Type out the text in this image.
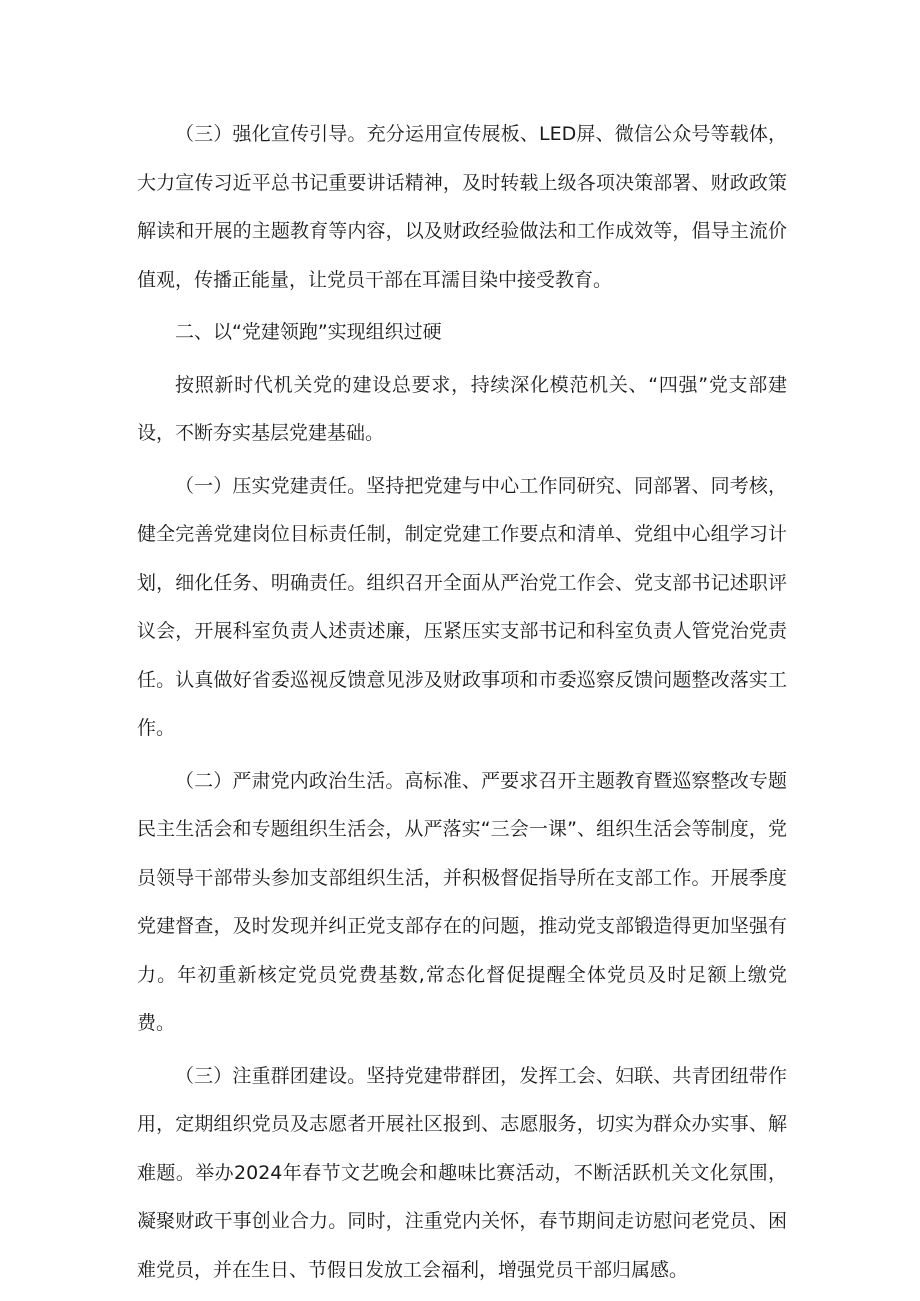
（三）强化宣传引导。充分运用宣传展板、LED屏、微信公众号等载体，大力宣传习近平总书记重要讲话精神，及时转载上级各项决策部署、财政政策解读和开展的主题教育等内容，以及财政经验做法和工作成效等，倡导主流价值观，传播正能量，让党员干部在耳濡目染中接受教育。

二、以“党建领跑”实现组织过硬

按照新时代机关党的建设总要求，持续深化模范机关、“四强”党支部建设，不断夯实基层党建基础。

（一）压实党建责任。坚持把党建与中心工作同研究、同部署、同考核，健全完善党建岗位目标责任制，制定党建工作要点和清单、党组中心组学习计划，细化任务、明确责任。组织召开全面从严治党工作会、党支部书记述职评议会，开展科室负责人述责述廉，压紧压实支部书记和科室负责人管党治党责任。认真做好省委巡视反馈意见涉及财政事项和市委巡察反馈问题整改落实工作。

（二）严肃党内政治生活。高标准、严要求召开主题教育暨巡察整改专题民主生活会和专题组织生活会，从严落实“三会一课”、组织生活会等制度，党员领导干部带头参加支部组织生活，并积极督促指导所在支部工作。开展季度党建督查，及时发现并纠正党支部存在的问题，推动党支部锻造得更加坚强有力。年初重新核定党员党费基数,常态化督促提醒全体党员及时足额上缴党费。

（三）注重群团建设。坚持党建带群团，发挥工会、妇联、共青团纽带作用，定期组织党员及志愿者开展社区报到、志愿服务，切实为群众办实事、解难题。举办2024年春节文艺晚会和趣味比赛活动，不断活跃机关文化氛围，凝聚财政干事创业合力。同时，注重党内关怀，春节期间走访慰问老党员、困难党员，并在生日、节假日发放工会福利，增强党员干部归属感。
